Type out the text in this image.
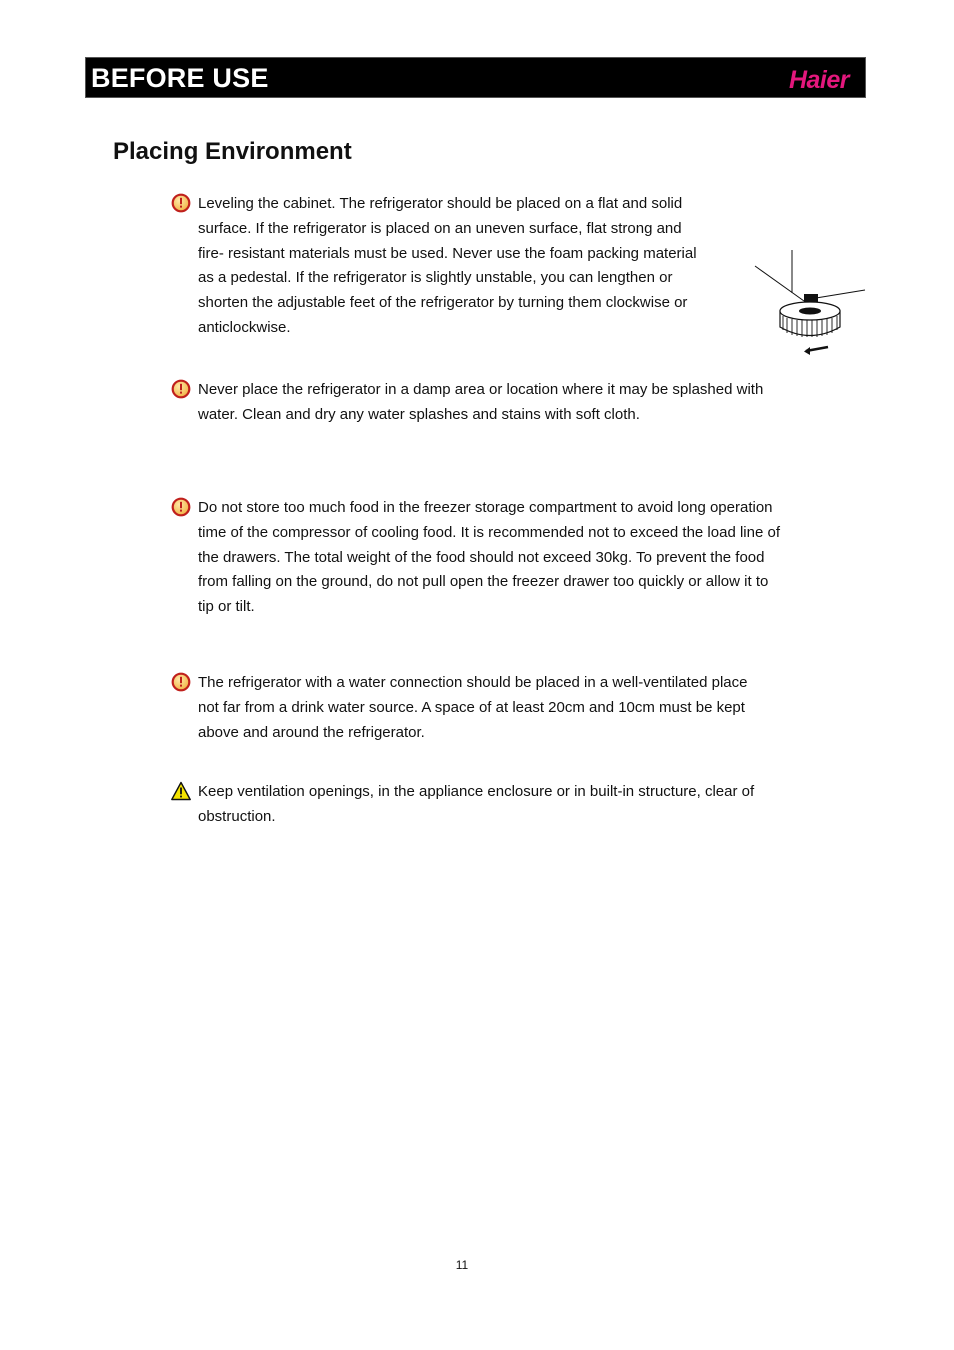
BEFORE USE	Haier
Placing Environment
Leveling the cabinet. The refrigerator should be placed on a flat and solid
surface. If the refrigerator is placed on an uneven surface, flat strong and
fire- resistant materials must be used. Never use the foam packing material
as a pedestal. If the refrigerator is slightly unstable, you can lengthen or
shorten the adjustable feet of the refrigerator by turning them clockwise or
anticlockwise.
Never place the refrigerator in a damp area or location where it may be splashed with
water. Clean and dry any water splashes and stains with soft cloth.
Do not store too much food in the freezer storage compartment to avoid long operation
time of the compressor of cooling food. It is recommended not to exceed the load line of
the drawers. The total weight of the food should not exceed 30kg. To prevent the food
from falling on the ground, do not pull open the freezer drawer too quickly or allow it to
tip or tilt.
The refrigerator with a water connection should be placed in a well-ventilated place
not far from a drink water source. A space of at least 20cm and 10cm must be kept
above and around the refrigerator.
Keep ventilation openings, in the appliance enclosure or in built-in structure, clear of
obstruction.
11
